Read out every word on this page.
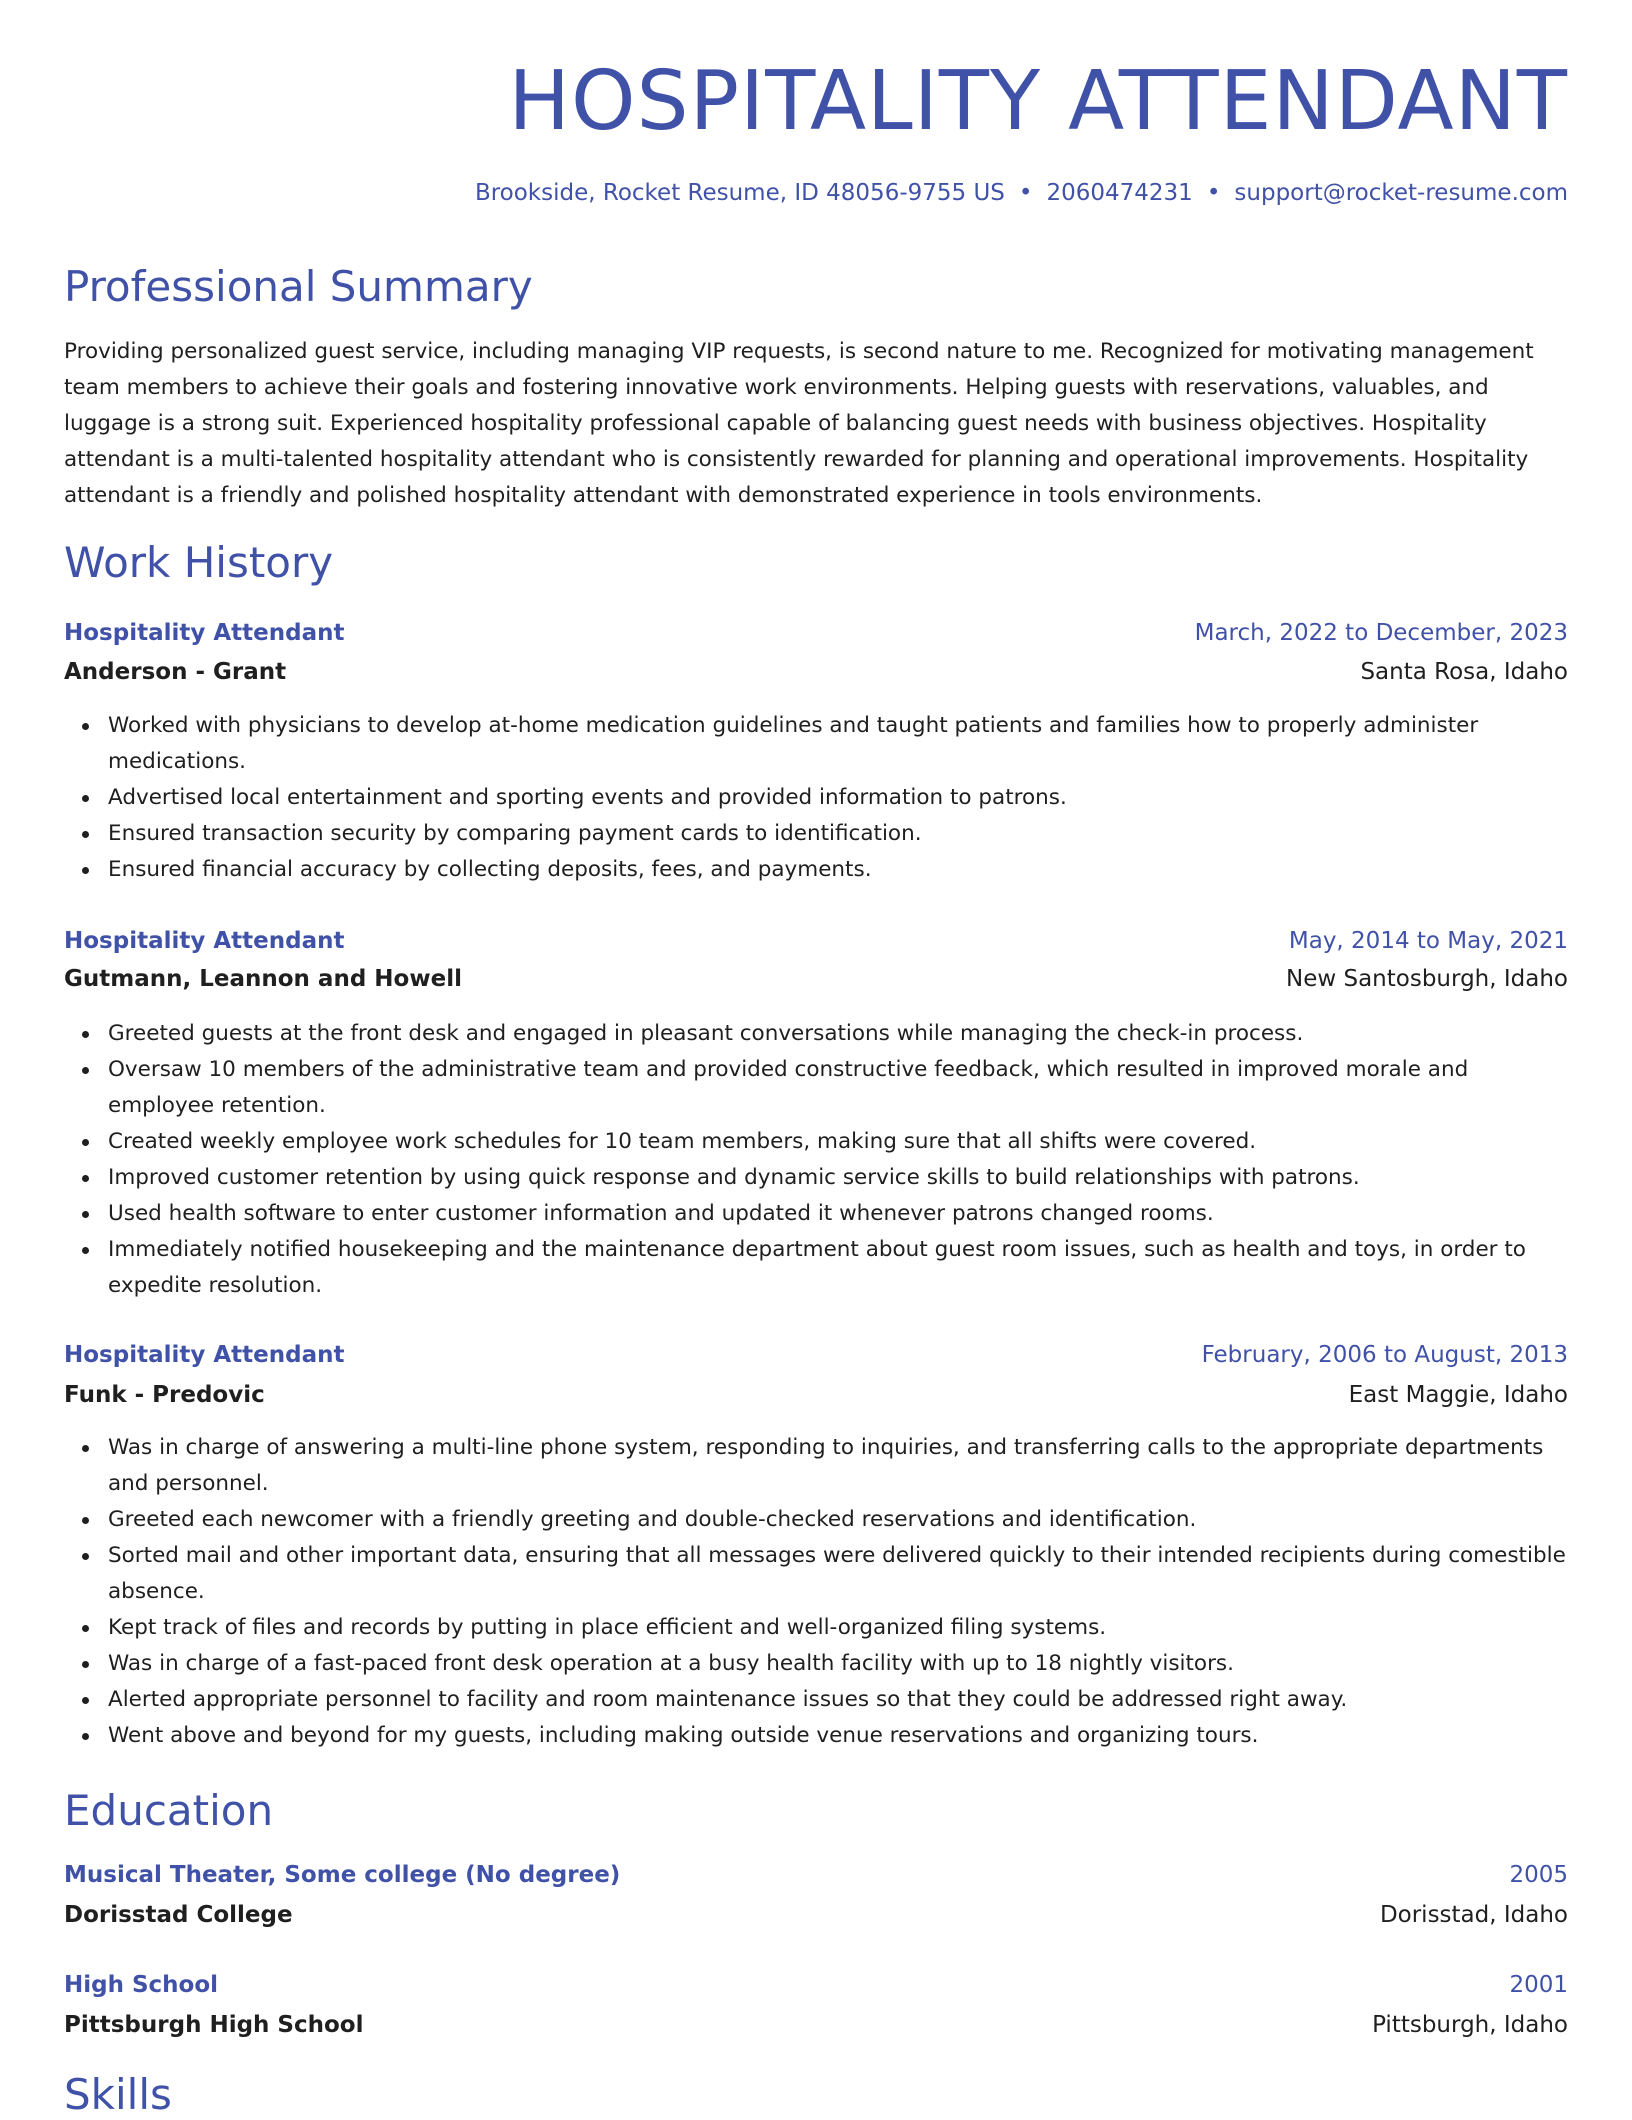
HOSPITALITY ATTENDANT
Brookside, Rocket Resume, ID 48056-9755 US • 2060474231 • support@rocket-resume.com
Professional Summary

Providing personalized guest service, including managing VIP requests, is second nature to me. Recognized for motivating management team members to achieve their goals and fostering innovative work environments. Helping guests with reservations, valuables, and luggage is a strong suit. Experienced hospitality professional capable of balancing guest needs with business objectives. Hospitality attendant is a multi-talented hospitality attendant who is consistently rewarded for planning and operational improvements. Hospitality attendant is a friendly and polished hospitality attendant with demonstrated experience in tools environments.

Work History
Hospitality Attendant	March, 2022 to December, 2023
Anderson - Grant	Santa Rosa, Idaho
Worked with physicians to develop at-home medication guidelines and taught patients and families how to properly administer medications.
Advertised local entertainment and sporting events and provided information to patrons.
Ensured transaction security by comparing payment cards to identification.
Ensured financial accuracy by collecting deposits, fees, and payments.
Hospitality Attendant	May, 2014 to May, 2021
Gutmann, Leannon and Howell	New Santosburgh, Idaho
Greeted guests at the front desk and engaged in pleasant conversations while managing the check-in process.
Oversaw 10 members of the administrative team and provided constructive feedback, which resulted in improved morale and employee retention.
Created weekly employee work schedules for 10 team members, making sure that all shifts were covered.
Improved customer retention by using quick response and dynamic service skills to build relationships with patrons.
Used health software to enter customer information and updated it whenever patrons changed rooms.
Immediately notified housekeeping and the maintenance department about guest room issues, such as health and toys, in order to expedite resolution.
Hospitality Attendant	February, 2006 to August, 2013
Funk - Predovic	East Maggie, Idaho
Was in charge of answering a multi-line phone system, responding to inquiries, and transferring calls to the appropriate departments and personnel.
Greeted each newcomer with a friendly greeting and double-checked reservations and identification.
Sorted mail and other important data, ensuring that all messages were delivered quickly to their intended recipients during comestible absence.
Kept track of files and records by putting in place efficient and well-organized filing systems.
Was in charge of a fast-paced front desk operation at a busy health facility with up to 18 nightly visitors.
Alerted appropriate personnel to facility and room maintenance issues so that they could be addressed right away.
Went above and beyond for my guests, including making outside venue reservations and organizing tours.
Education
Musical Theater, Some college (No degree)	2005
Dorisstad College	Dorisstad, Idaho
High School	2001
Pittsburgh High School	Pittsburgh, Idaho
Skills
